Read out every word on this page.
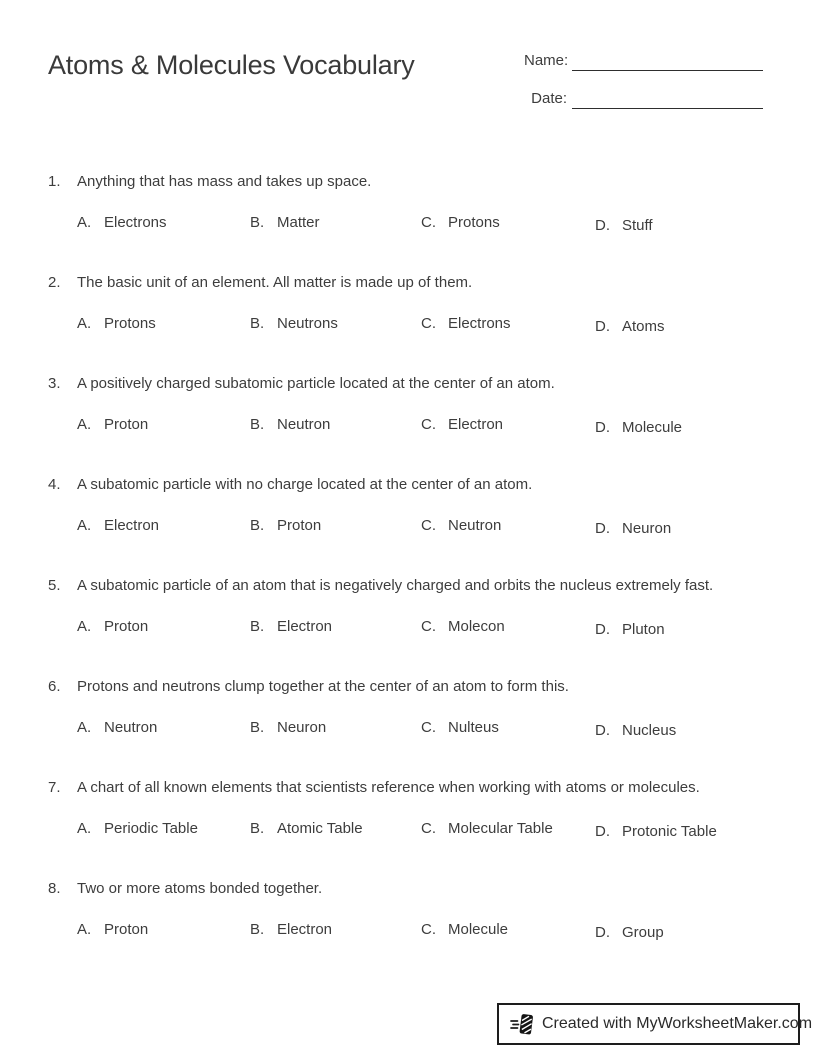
Atoms & Molecules Vocabulary	Name:
Date:
1.	Anything that has mass and takes up space.
A. Electrons	B. Matter	C. Protons	D. Stuff
2.	The basic unit of an element. All matter is made up of them.
A. Protons	B. Neutrons	C. Electrons	D. Atoms
3.	A positively charged subatomic particle located at the center of an atom.
A. Proton	B. Neutron	C. Electron	D. Molecule
4.	A subatomic particle with no charge located at the center of an atom.
A. Electron	B. Proton	C. Neutron	D. Neuron
5.	A subatomic particle of an atom that is negatively charged and orbits the nucleus extremely fast.
A. Proton	B. Electron	C. Molecon	D. Pluton
6.	Protons and neutrons clump together at the center of an atom to form this.
A. Neutron	B. Neuron	C. Nulteus	D. Nucleus
7.	A chart of all known elements that scientists reference when working with atoms or molecules.
A. Periodic Table	B. Atomic Table	C. Molecular Table	D. Protonic Table
8.	Two or more atoms bonded together.
A. Proton	B. Electron	C. Molecule	D. Group
Created with MyWorksheetMaker.com
